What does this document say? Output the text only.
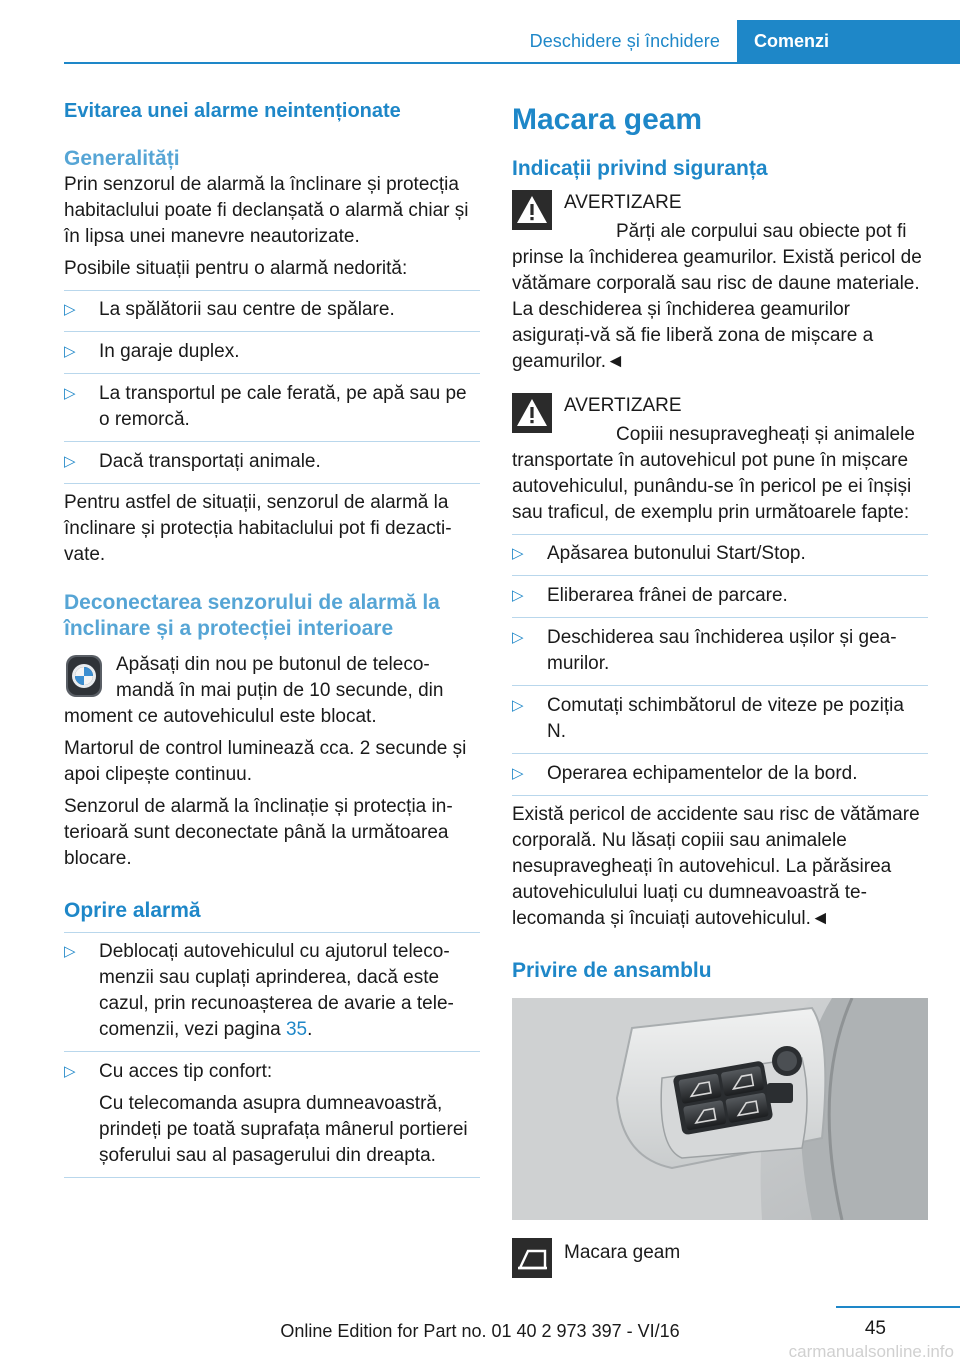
Deschidere și închidere	Comenzi
Evitarea unei alarme neintenționate
Generalități

Prin senzorul de alarmă la înclinare și protecția habitaclului poate fi declanșată o alarmă chiar și în lipsa unei manevre neautorizate.

Posibile situații pentru o alarmă nedorită:

▷ La spălătorii sau centre de spălare.
▷ In garaje duplex.
▷ La transportul pe cale ferată, pe apă sau pe o remorcă.
▷ Dacă transportați animale.

Pentru astfel de situații, senzorul de alarmă la înclinare și protecția habitaclului pot fi dezactivate.

Deconectarea senzorului de alarmă la înclinare și a protecției interioare

Apăsați din nou pe butonul de telecomandă în mai puțin de 10 secunde, din moment ce autovehiculul este blocat.

Martorul de control luminează cca. 2 secunde și apoi clipește continuu.

Senzorul de alarmă la înclinație și protecția interioară sunt deconectate până la următoarea blocare.

Oprire alarmă
▷ Deblocați autovehiculul cu ajutorul telecomenzii sau cuplați aprinderea, dacă este cazul, prin recunoașterea de avarie a telecomenzii, vezi pagina 35.
▷ Cu acces tip confort:

Cu telecomanda asupra dumneavoastră, prindeți pe toată suprafața mânerul portierei șoferului sau al pasagerului din dreapta.

Macara geam
Indicații privind siguranța
AVERTIZARE

Părți ale corpului sau obiecte pot fi prinse la închiderea geamurilor. Există pericol de vătămare corporală sau risc de daune materiale. La deschiderea și închiderea geamurilor asigurați-vă să fie liberă zona de mișcare a geamurilor.◄

AVERTIZARE

Copiii nesupravegheați și animalele transportate în autovehicul pot pune în mișcare autovehiculul, punându-se în pericol pe ei înșiși sau traficul, de exemplu prin următoarele fapte:

▷ Apăsarea butonului Start/Stop.
▷ Eliberarea frânei de parcare.
▷ Deschiderea sau închiderea ușilor și geamurilor.
▷ Comutați schimbătorul de viteze pe poziția N.
▷ Operarea echipamentelor de la bord.

Există pericol de accidente sau risc de vătămare corporală. Nu lăsați copiii sau animalele nesupravegheați în autovehicul. La părăsirea autovehiculului luați cu dumneavoastră telecomanda și încuiați autovehiculul.◄

Privire de ansamblu

Macara geam

45
Online Edition for Part no. 01 40 2 973 397 - VI/16
carmanualsonline.info
